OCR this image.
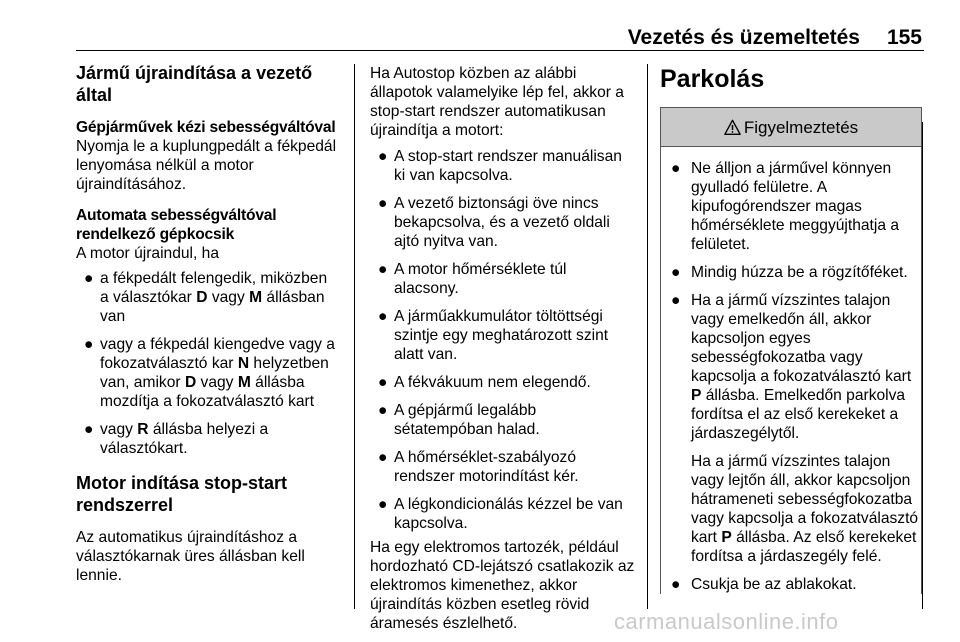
Vezetés és üzemeltetés 155
Jármű újraindítása a vezető által
Gépjárművek kézi sebességváltóval

Nyomja le a kuplungpedált a fékpedál lenyomása nélkül a motor újraindításához.

Automata sebességváltóval rendelkező gépkocsik

A motor újraindul, ha

● a fékpedált felengedik, miközben a választókar D vagy M állásban van
● vagy a fékpedál kiengedve vagy a fokozatválasztó kar N helyzetben van, amikor D vagy M állásba mozdítja a fokozatválasztó kart
● vagy R állásba helyezi a választókart.
Motor indítása stop-start rendszerrel

Az automatikus újraindításhoz a választókarnak üres állásban kell lennie.

Ha Autostop közben az alábbi állapotok valamelyike lép fel, akkor a stop-start rendszer automatikusan újraindítja a motort:

● A stop-start rendszer manuálisan ki van kapcsolva.
● A vezető biztonsági öve nincs bekapcsolva, és a vezető oldali ajtó nyitva van.
● A motor hőmérséklete túl alacsony.
● A járműakkumulátor töltöttségi szintje egy meghatározott szint alatt van.
● A fékvákuum nem elegendő.
● A gépjármű legalább sétatempóban halad.
● A hőmérséklet-szabályozó rendszer motorindítást kér.
● A légkondicionálás kézzel be van kapcsolva.

Ha egy elektromos tartozék, például hordozható CD-lejátszó csatlakozik az elektromos kimenethez, akkor újraindítás közben esetleg rövid áramesés észlelhető.

Parkolás
Figyelmeztetés
● Ne álljon a járművel könnyen gyulladó felületre. A kipufogórendszer magas hőmérséklete meggyújthatja a felületet.
● Mindig húzza be a rögzítőféket.
● Ha a jármű vízszintes talajon vagy emelkedőn áll, akkor kapcsoljon egyes sebességfokozatba vagy kapcsolja a fokozatválasztó kart P állásba. Emelkedőn parkolva fordítsa el az első kerekeket a járdaszegélytől.
Ha a jármű vízszintes talajon vagy lejtőn áll, akkor kapcsoljon hátrameneti sebességfokozatba vagy kapcsolja a fokozatválasztó kart P állásba. Az első kerekeket fordítsa a járdaszegély felé.
● Csukja be az ablakokat.
carmanualsonline.info
